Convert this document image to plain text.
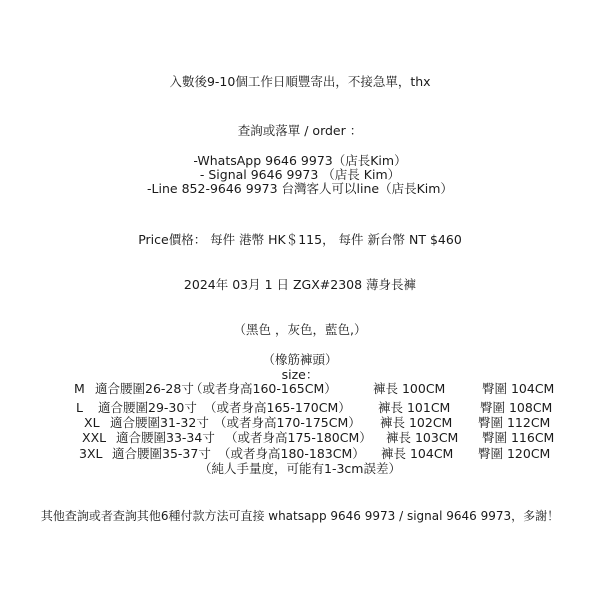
入數後9-10個工作日順豐寄出，不接急單，thx
查詢或落單 / order ：
-WhatsApp 9646 9973（店長Kim）
- Signal 9646 9973 （店長 Kim）
-Line 852-9646 9973 台灣客人可以line（店長Kim）
Price價格： 每件 港幣 HK＄115， 每件 新台幣 NT $460
2024年 03月 1 日 ZGX#2308 薄身長褲
（黑色 ，灰色，藍色,）
（橡筋褲頭）
size：
M 適合腰圍26-28寸
（或者身高160-165CM）	褲長 100CM	臀圍 104CM
L 適合腰圍29-30寸 （或者身高165-170CM） 褲長 101CM 臀圍 108CM
XL 適合腰圍31-32寸 （或者身高170-175CM） 褲長 102CM 臀圍 112CM
XXL 適合腰圍33-34寸 （或者身高175-180CM） 褲長 103CM 臀圍 116CM
3XL 適合腰圍35-37寸 （或者身高180-183CM） 褲長 104CM 臀圍 120CM
（純人手量度，可能有1-3cm誤差）
其他查詢或者查詢其他6種付款方法可直接 whatsapp 9646 9973 / signal 9646 9973，多謝！
